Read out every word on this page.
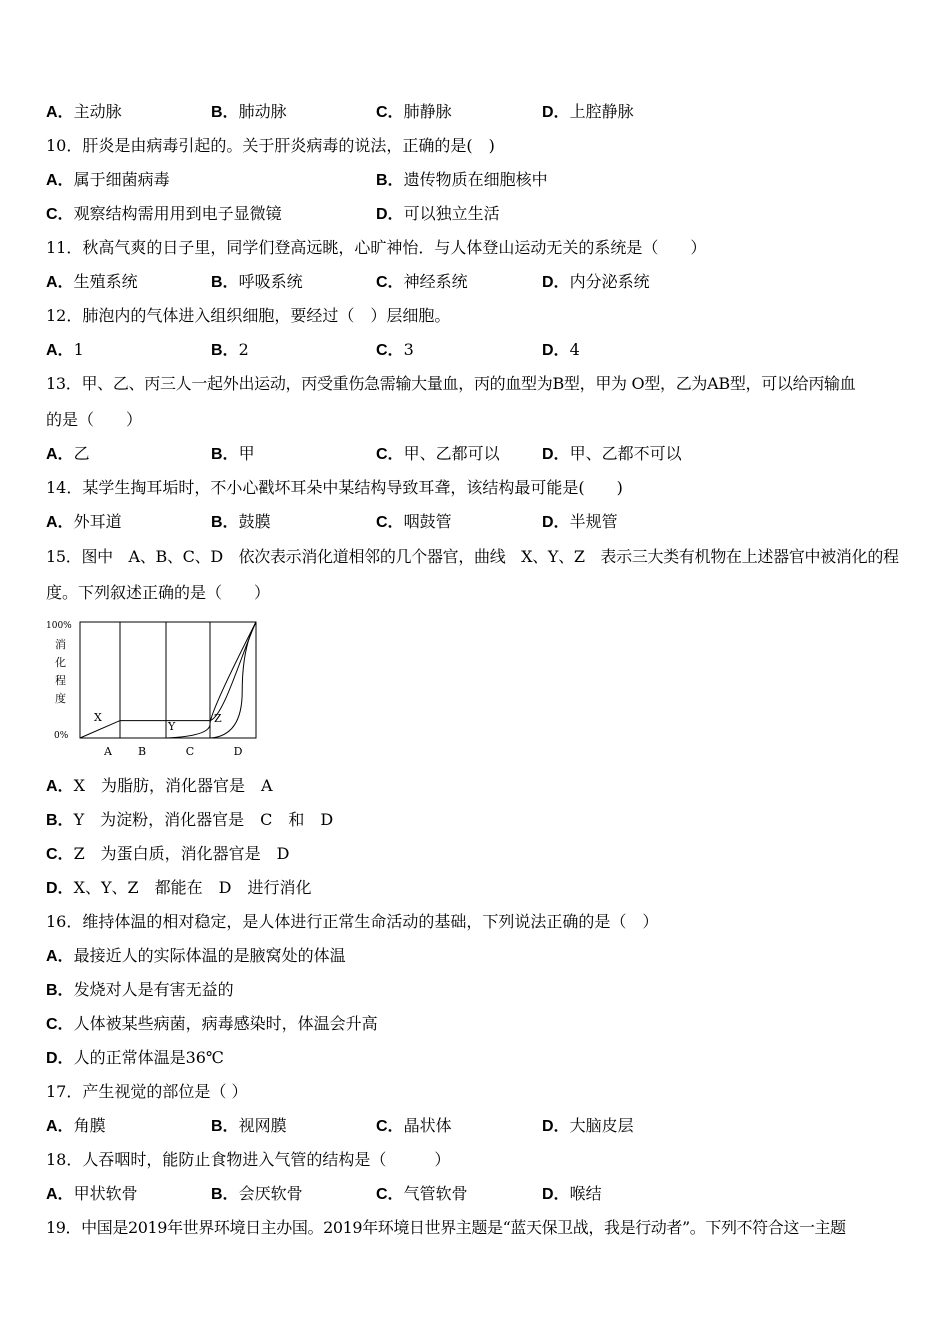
A．主动脉	B．肺动脉	C．肺静脉	D．上腔静脉
10．肝炎是由病毒引起的。关于肝炎病毒的说法，正确的是(　)
A．属于细菌病毒	B．遗传物质在细胞核中
C．观察结构需用用到电子显微镜	D．可以独立生活
11．秋高气爽的日子里，同学们登高远眺，心旷神怡．与人体登山运动无关的系统是（　　）
A．生殖系统	B．呼吸系统	C．神经系统	D．内分泌系统
12．肺泡内的气体进入组织细胞，要经过（　）层细胞。
A．1	B．2	C．3	D．4
13．甲、乙、丙三人一起外出运动，丙受重伤急需输大量血，丙的血型为B型，甲为 O型，乙为AB型，可以给丙输血
的是（　　）
A．乙	B．甲	C．甲、乙都可以	D．甲、乙都不可以
14．某学生掏耳垢时，不小心戳坏耳朵中某结构导致耳聋，该结构最可能是(　　)
A．外耳道	B．鼓膜	C．咽鼓管	D．半规管
15．图中　A、B、C、D　依次表示消化道相邻的几个器官，曲线　X、Y、Z　表示三大类有机物在上述器官中被消化的程
度。下列叙述正确的是（　　）
100%
0%
消
化
程
度
A B	C	D
X
Y
Z
A．X　为脂肪，消化器官是　A
B．Y　为淀粉，消化器官是　C　和　D
C．Z　为蛋白质，消化器官是　D
D．X、Y、Z　都能在　D　进行消化
16．维持体温的相对稳定，是人体进行正常生命活动的基础，下列说法正确的是（　）
A．最接近人的实际体温的是腋窝处的体温
B．发烧对人是有害无益的
C．人体被某些病菌，病毒感染时，体温会升高
D．人的正常体温是36℃
17．产生视觉的部位是（ ）
A．角膜	B．视网膜	C．晶状体	D．大脑皮层
18．人吞咽时，能防止食物进入气管的结构是（　　　）
A．甲状软骨	B．会厌软骨	C．气管软骨	D．喉结
19．中国是2019年世界环境日主办国。2019年环境日世界主题是“蓝天保卫战，我是行动者”。下列不符合这一主题
